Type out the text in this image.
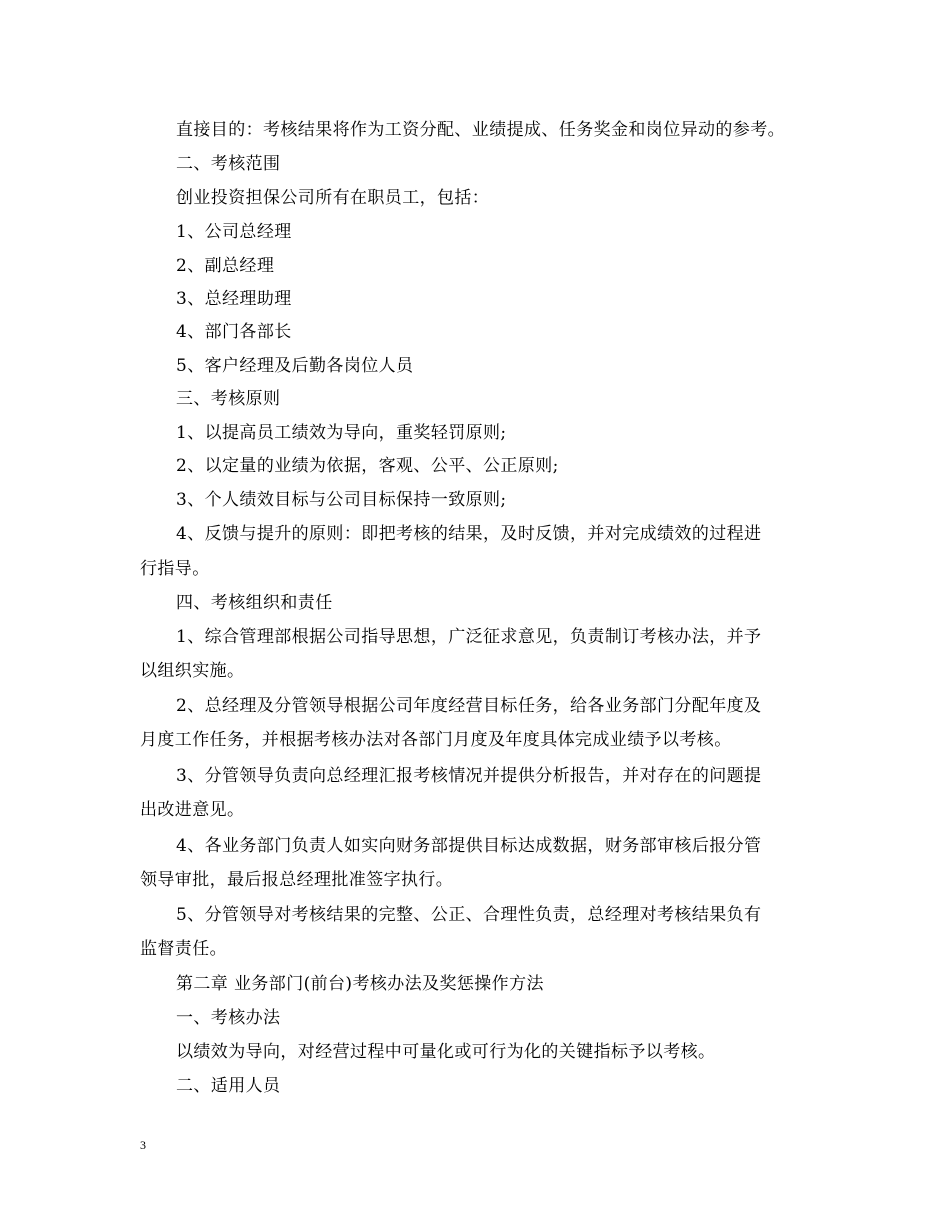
直接目的：考核结果将作为工资分配、业绩提成、任务奖金和岗位异动的参考。
二、考核范围
创业投资担保公司所有在职员工，包括：
1、公司总经理
2、副总经理
3、总经理助理
4、部门各部长
5、客户经理及后勤各岗位人员
三、考核原则
1、以提高员工绩效为导向，重奖轻罚原则;
2、以定量的业绩为依据，客观、公平、公正原则;
3、个人绩效目标与公司目标保持一致原则;
4、反馈与提升的原则：即把考核的结果，及时反馈，并对完成绩效的过程进
行指导。
四、考核组织和责任
1、综合管理部根据公司指导思想，广泛征求意见，负责制订考核办法，并予
以组织实施。
2、总经理及分管领导根据公司年度经营目标任务，给各业务部门分配年度及
月度工作任务，并根据考核办法对各部门月度及年度具体完成业绩予以考核。
3、分管领导负责向总经理汇报考核情况并提供分析报告，并对存在的问题提
出改进意见。
4、各业务部门负责人如实向财务部提供目标达成数据，财务部审核后报分管
领导审批，最后报总经理批准签字执行。
5、分管领导对考核结果的完整、公正、合理性负责，总经理对考核结果负有
监督责任。
第二章 业务部门(前台)考核办法及奖惩操作方法
一、考核办法
以绩效为导向，对经营过程中可量化或可行为化的关键指标予以考核。
二、适用人员
3
